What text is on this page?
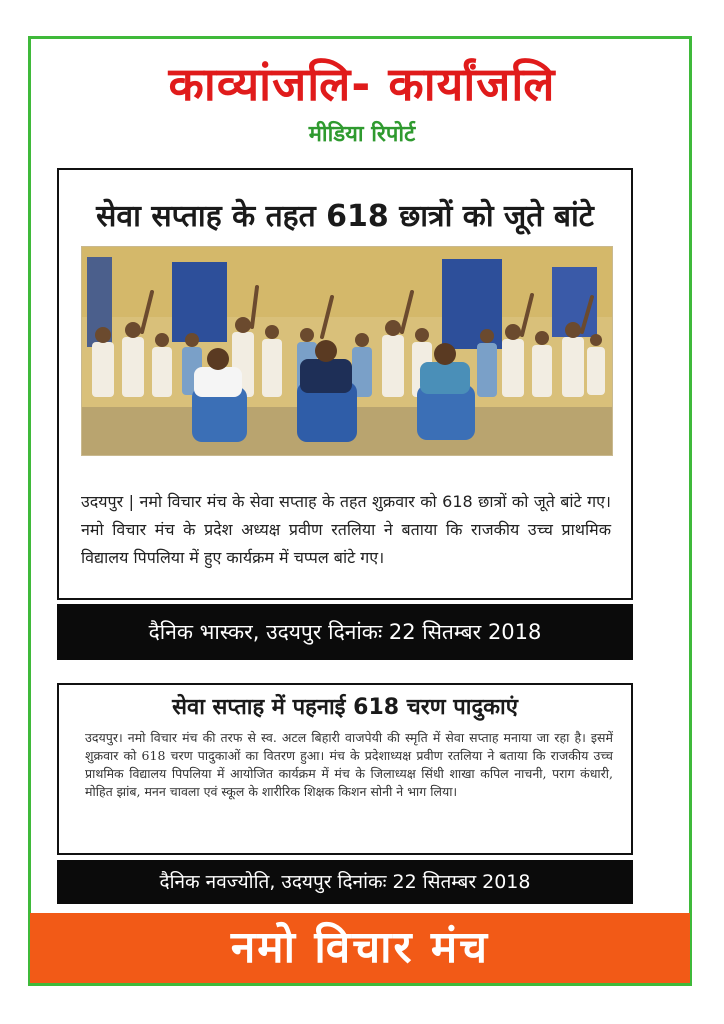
काव्यांजलि- कार्यांजलि
मीडिया रिपोर्ट
सेवा सप्ताह के तहत 618 छात्रों को जूते बांटे
उदयपुर | नमो विचार मंच के सेवा सप्ताह के तहत शुक्रवार को 618 छात्रों को जूते बांटे गए। नमो विचार मंच के प्रदेश अध्यक्ष प्रवीण रतलिया ने बताया कि राजकीय उच्च प्राथमिक विद्यालय पिपलिया में हुए कार्यक्रम में चप्पल बांटे गए।
दैनिक भास्कर, उदयपुर दिनांकः 22 सितम्बर 2018
सेवा सप्ताह में पहनाई 618 चरण पादुकाएं
उदयपुर। नमो विचार मंच की तरफ से स्व. अटल बिहारी वाजपेयी की स्मृति में सेवा सप्ताह मनाया जा रहा है। इसमें शुक्रवार को 618 चरण पादुकाओं का वितरण हुआ। मंच के प्रदेशाध्यक्ष प्रवीण रतलिया ने बताया कि राजकीय उच्च प्राथमिक विद्यालय पिपलिया में आयोजित कार्यक्रम में मंच के जिलाध्यक्ष सिंधी शाखा कपिल नाचनी, पराग कंधारी, मोहित झांब, मनन चावला एवं स्कूल के शारीरिक शिक्षक किशन सोनी ने भाग लिया।
दैनिक नवज्योति, उदयपुर दिनांकः 22 सितम्बर 2018
नमो विचार मंच
